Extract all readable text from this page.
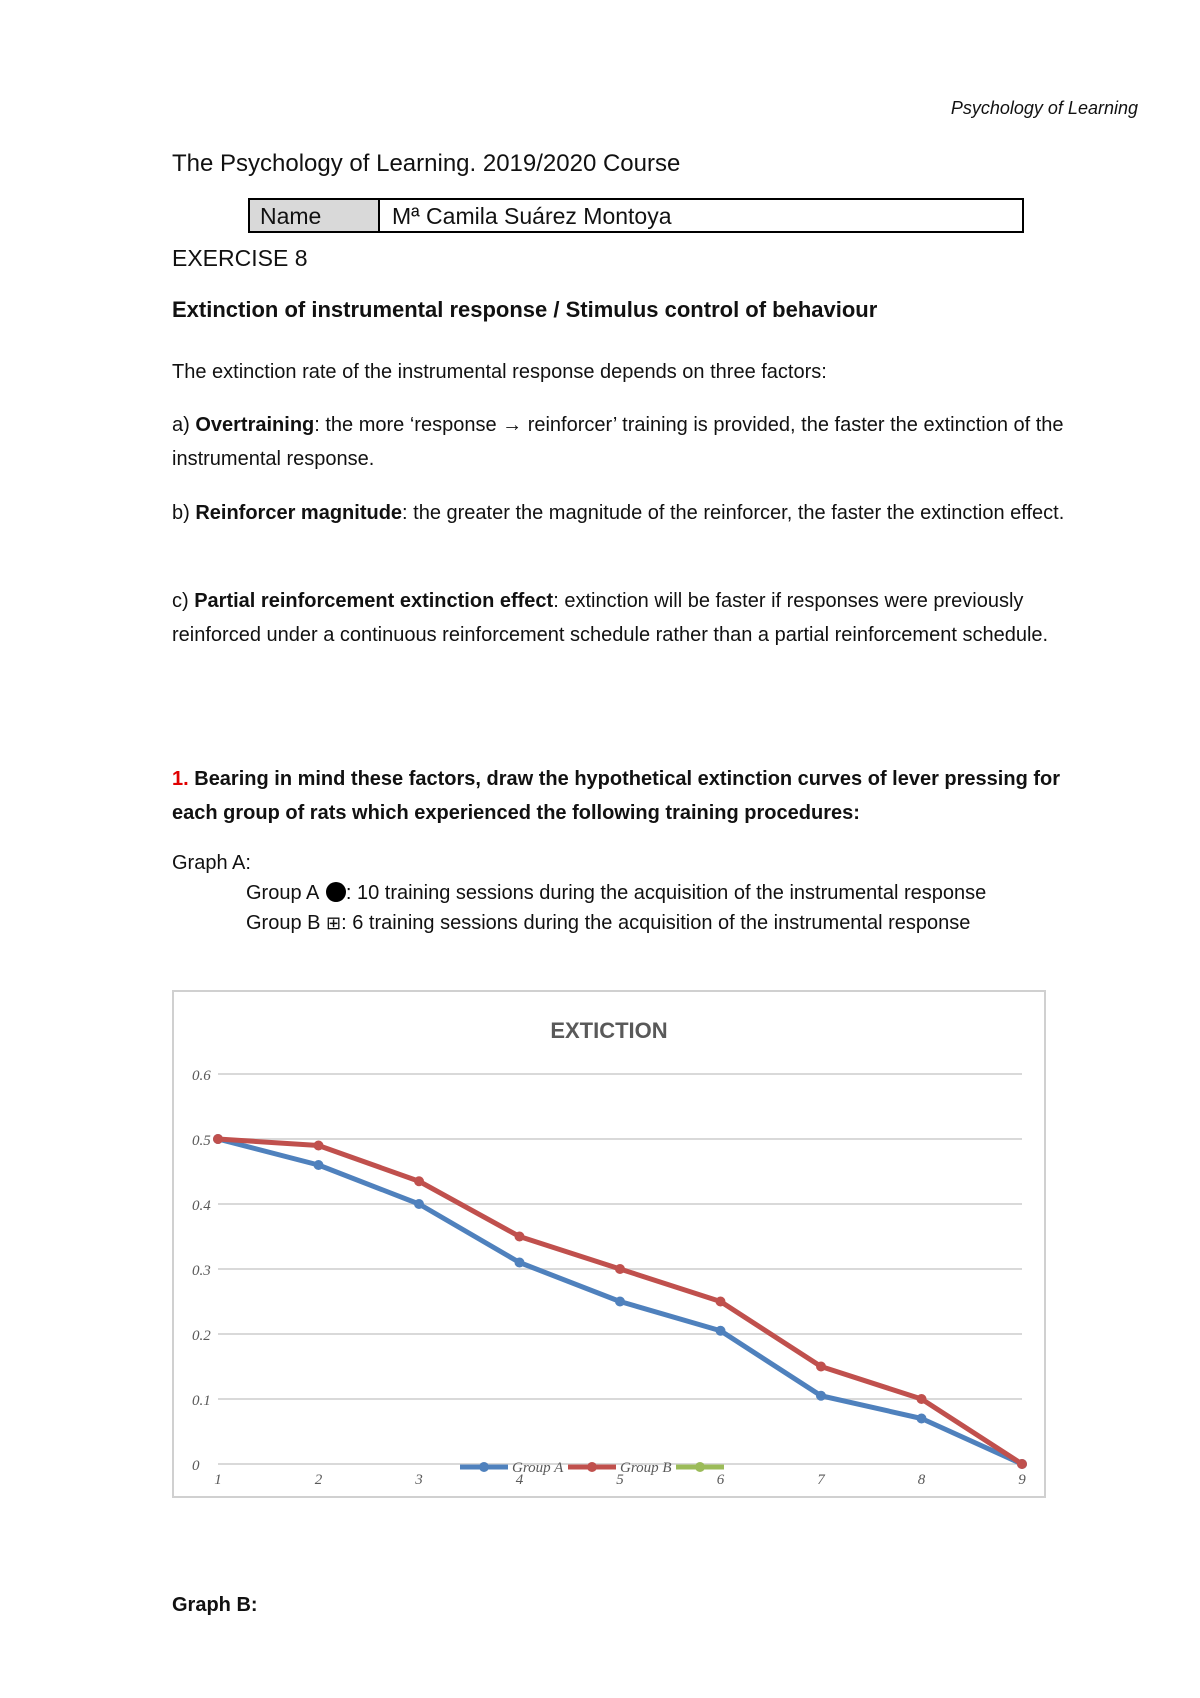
Psychology of Learning
The Psychology of Learning. 2019/2020 Course
Name	Mª Camila Suárez Montoya
EXERCISE 8
Extinction of instrumental response / Stimulus control of behaviour
The extinction rate of the instrumental response depends on three factors:
a) Overtraining: the more ‘response → reinforcer’ training is provided, the faster the extinction of the instrumental response.
b) Reinforcer magnitude: the greater the magnitude of the reinforcer, the faster the extinction effect.
c) Partial reinforcement extinction effect: extinction will be faster if responses were previously reinforced under a continuous reinforcement schedule rather than a partial reinforcement schedule.
1. Bearing in mind these factors, draw the hypothetical extinction curves of lever pressing for each group of rats which experienced the following training procedures:
Graph A:
Group A : 10 training sessions during the acquisition of the instrumental response
Group B ⊞: 6 training sessions during the acquisition of the instrumental response
EXTICTION
0
0.1
0.2
0.3
0.4
0.5
0.6
1	2	3	4	5	6	7	8	9
Group A	Group B
Graph B:
